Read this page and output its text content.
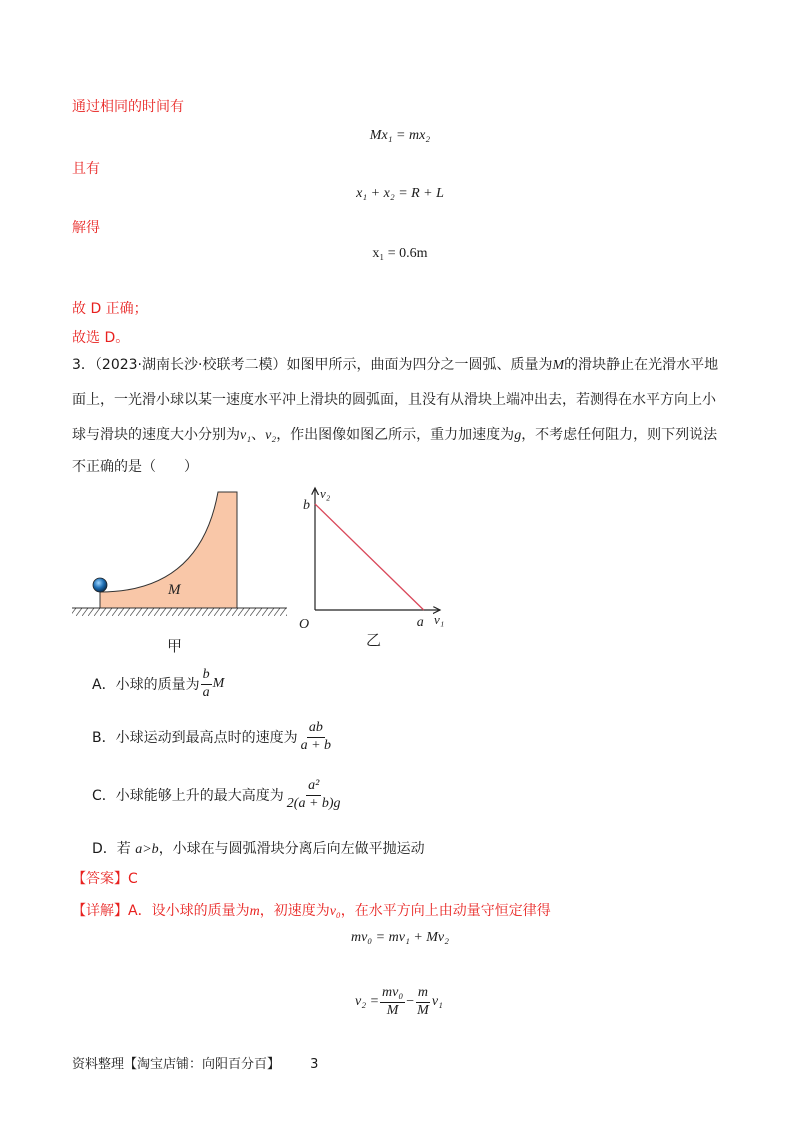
通过相同的时间有
Mx₁ = mx₂
且有
x₁ + x₂ = R + L
解得
x₁ = 0.6m
故 D 正确；
故选 D。
3．（2023·湖南长沙·校联考二模）如图甲所示，曲面为四分之一圆弧、质量为M的滑块静止在光滑水平地
面上，一光滑小球以某一速度水平冲上滑块的圆弧面，且没有从滑块上端冲出去，若测得在水平方向上小
球与滑块的速度大小分别为v₁、v₂，作出图像如图乙所示，重力加速度为g，不考虑任何阻力，则下列说法
不正确的是（　　）
M
甲
v₂
v₁
b
a
O
乙
A． 小球的质量为 $\frac{b}{a}$ M
B． 小球运动到最高点时的速度为 $\frac{ab}{a + b}$
C． 小球能够上升的最大高度为 $\frac{\text{a²}}{2(a + b)g}$
D．若 a>b，小球在与圆弧滑块分离后向左做平抛运动
【答案】C
【详解】A．设小球的质量为m，初速度为v₀，在水平方向上由动量守恒定律得
mv₀ = mv₁ + Mv₂
$v_2 = \frac{\text{mv₀}}{M} - \frac{m}{M} v_1$
资料整理【淘宝店铺：向阳百分百】 3
